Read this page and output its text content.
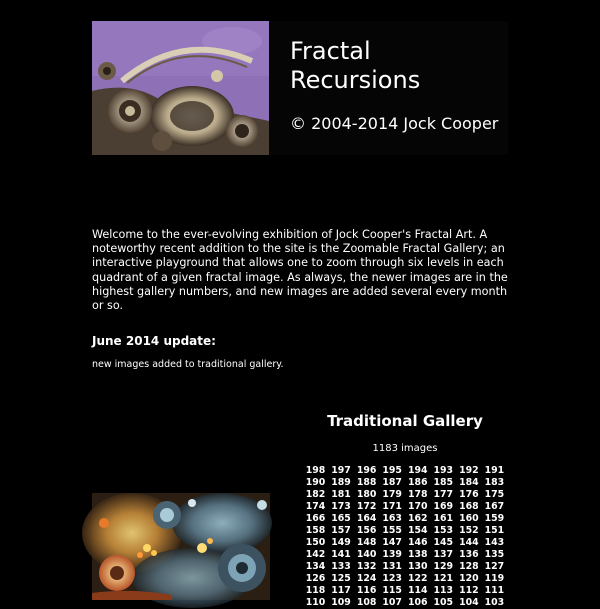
Fractal
Recursions
© 2004-2014 Jock Cooper

Welcome to the ever-evolving exhibition of Jock Cooper's Fractal Art. A noteworthy recent addition to the site is the Zoomable Fractal Gallery; an interactive playground that allows one to zoom through six levels in each quadrant of a given fractal image. As always, the newer images are in the highest gallery numbers, and new images are added several every month or so.

June 2014 update:

new images added to traditional gallery.

Traditional Gallery
1183 images
198 197 196 195 194 193 192 191
190 189 188 187 186 185 184 183
182 181 180 179 178 177 176 175
174 173 172 171 170 169 168 167
166 165 164 163 162 161 160 159
158 157 156 155 154 153 152 151
150 149 148 147 146 145 144 143
142 141 140 139 138 137 136 135
134 133 132 131 130 129 128 127
126 125 124 123 122 121 120 119
118 117 116 115 114 113 112 111
110 109 108 107 106 105 104 103
